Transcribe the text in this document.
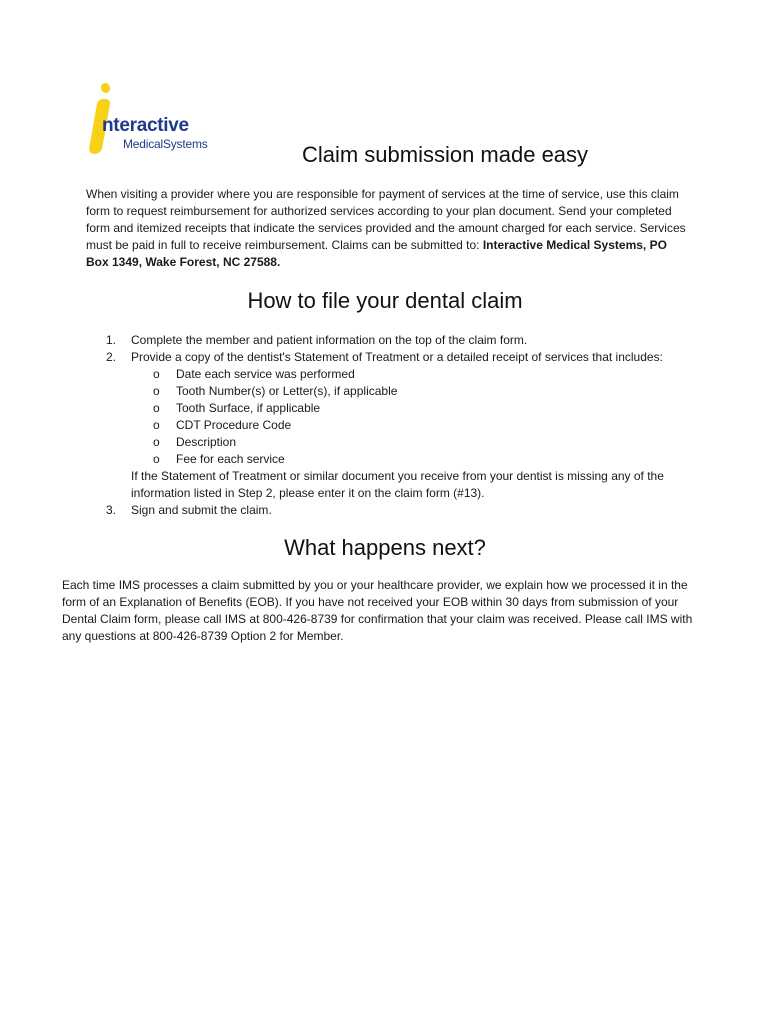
nteractive
MedicalSystems	Claim submission made easy

When visiting a provider where you are responsible for payment of services at the time of service, use this claim form to request reimbursement for authorized services according to your plan document. Send your completed form and itemized receipts that indicate the services provided and the amount charged for each service. Services must be paid in full to receive reimbursement. Claims can be submitted to: Interactive Medical Systems, PO Box 1349, Wake Forest, NC 27588.

How to file your dental claim
1. Complete the member and patient information on the top of the claim form.
2. Provide a copy of the dentist's Statement of Treatment or a detailed receipt of services that includes:
o Date each service was performed
o Tooth Number(s) or Letter(s), if applicable
o Tooth Surface, if applicable
o CDT Procedure Code
o Description
o Fee for each service
If the Statement of Treatment or similar document you receive from your dentist is missing any of the information listed in Step 2, please enter it on the claim form (#13).
3. Sign and submit the claim.
What happens next?

Each time IMS processes a claim submitted by you or your healthcare provider, we explain how we processed it in the form of an Explanation of Benefits (EOB). If you have not received your EOB within 30 days from submission of your Dental Claim form, please call IMS at 800-426-8739 for confirmation that your claim was received. Please call IMS with any questions at 800-426-8739 Option 2 for Member.
